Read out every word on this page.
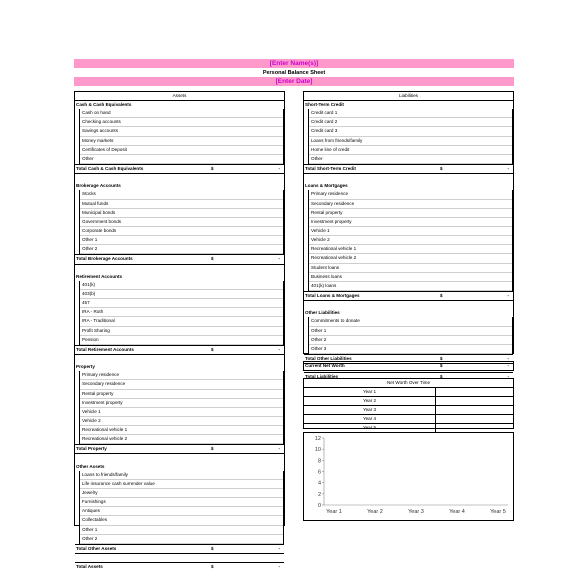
[Enter Name(s)]
Personal Balance Sheet
[Enter Date]
Assets
Cash & Cash Equivalents
Cash on hand
Checking accounts
Savings accounts
Money markets
Certificates of Deposit
Other
Total Cash & Cash Equivalents	$	-
Brokerage Accounts
Stocks
Mutual funds
Municipal bonds
Government bonds
Corporate bonds
Other 1
Other 2
Total Brokerage Accounts	$	-
Retirement Accounts
401(k)
403(b)
457
IRA - Roth
IRA - Traditional
Profit Sharing
Pension
Total Retirement Accounts	$	-
Property
Primary residence
Secondary residence
Rental property
Investment property
Vehicle 1
Vehicle 2
Recreational vehicle 1
Recreational vehicle 2
Total Property	$	-
Other Assets
Loans to friends/family
Life insurance cash surrender value
Jewelry
Furnishings
Antiques
Collectables
Other 1
Other 2
Total Other Assets	$	-
Total Assets	$	-
Liabilities
Short-Term Credit
Credit card 1
Credit card 2
Credit card 3
Loans from friends/family
Home line of credit
Other
Total Short-Term Credit	$	-
Loans & Mortgages
Primary residence
Secondary residence
Rental property
Investment property
Vehicle 1
Vehicle 2
Recreational vehicle 1
Recreational vehicle 2
Student loans
Business loans
401(k) loans
Total Loans & Mortgages	$	-
Other Liabilities
Commitments to donate
Other 1
Other 2
Other 3
Total Other Liabilities	$	-
Total Liabilities	$	-
Current Net Worth	$	-
Net Worth Over Time
Year 1
Year 2
Year 3
Year 4
Year 5
0
2
4
6
8
10
12
Year 1	Year 2	Year 3	Year 4	Year 5
